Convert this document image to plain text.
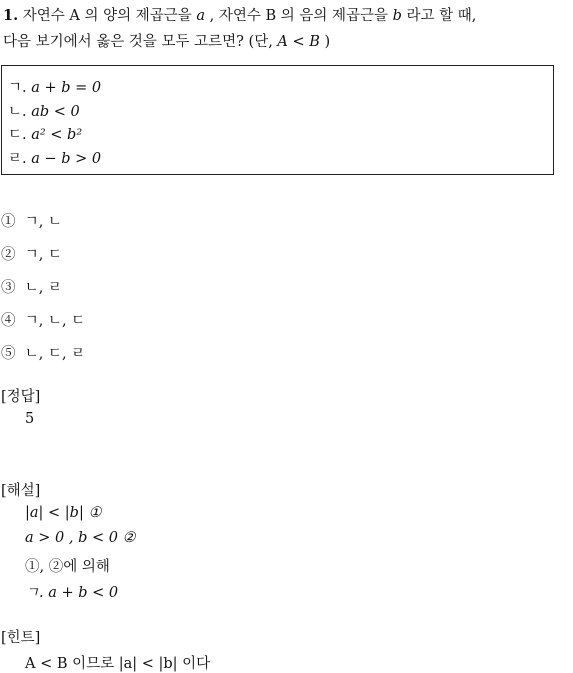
1. 자연수 A 의 양의 제곱근을 a , 자연수 B 의 음의 제곱근을 b 라고 할 때,
다음 보기에서 옳은 것을 모두 고르면? (단, A < B )
ㄱ. a + b = 0
ㄴ. ab < 0
ㄷ. a² < b²
ㄹ. a − b > 0
① ㄱ, ㄴ
② ㄱ, ㄷ
③ ㄴ, ㄹ
④ ㄱ, ㄴ, ㄷ
⑤ ㄴ, ㄷ, ㄹ
[정답]
5
[해설]
|a| < |b| ①
a > 0 , b < 0 ②
①, ②에 의해
ㄱ. a + b < 0
[힌트]
A < B 이므로 |a| < |b| 이다
